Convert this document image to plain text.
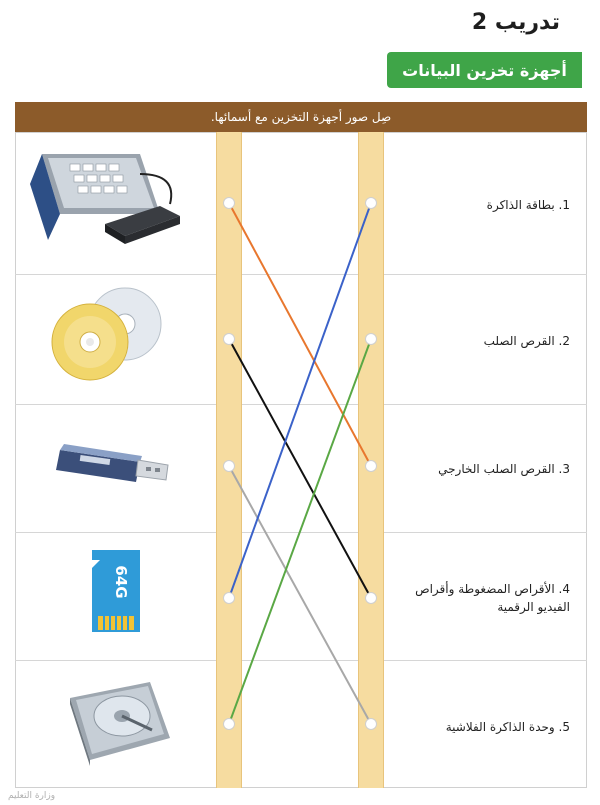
تدريب 2
أجهزة تخزين البيانات
صِل صور أجهزة التخزين مع أسمائها.
64G
1. بطاقة الذاكرة
2. القرص الصلب
3. القرص الصلب الخارجي
4. الأقراص المضغوطة وأقراص الفيديو الرقمية
5. وحدة الذاكرة الفلاشية
وزارة التعليم
